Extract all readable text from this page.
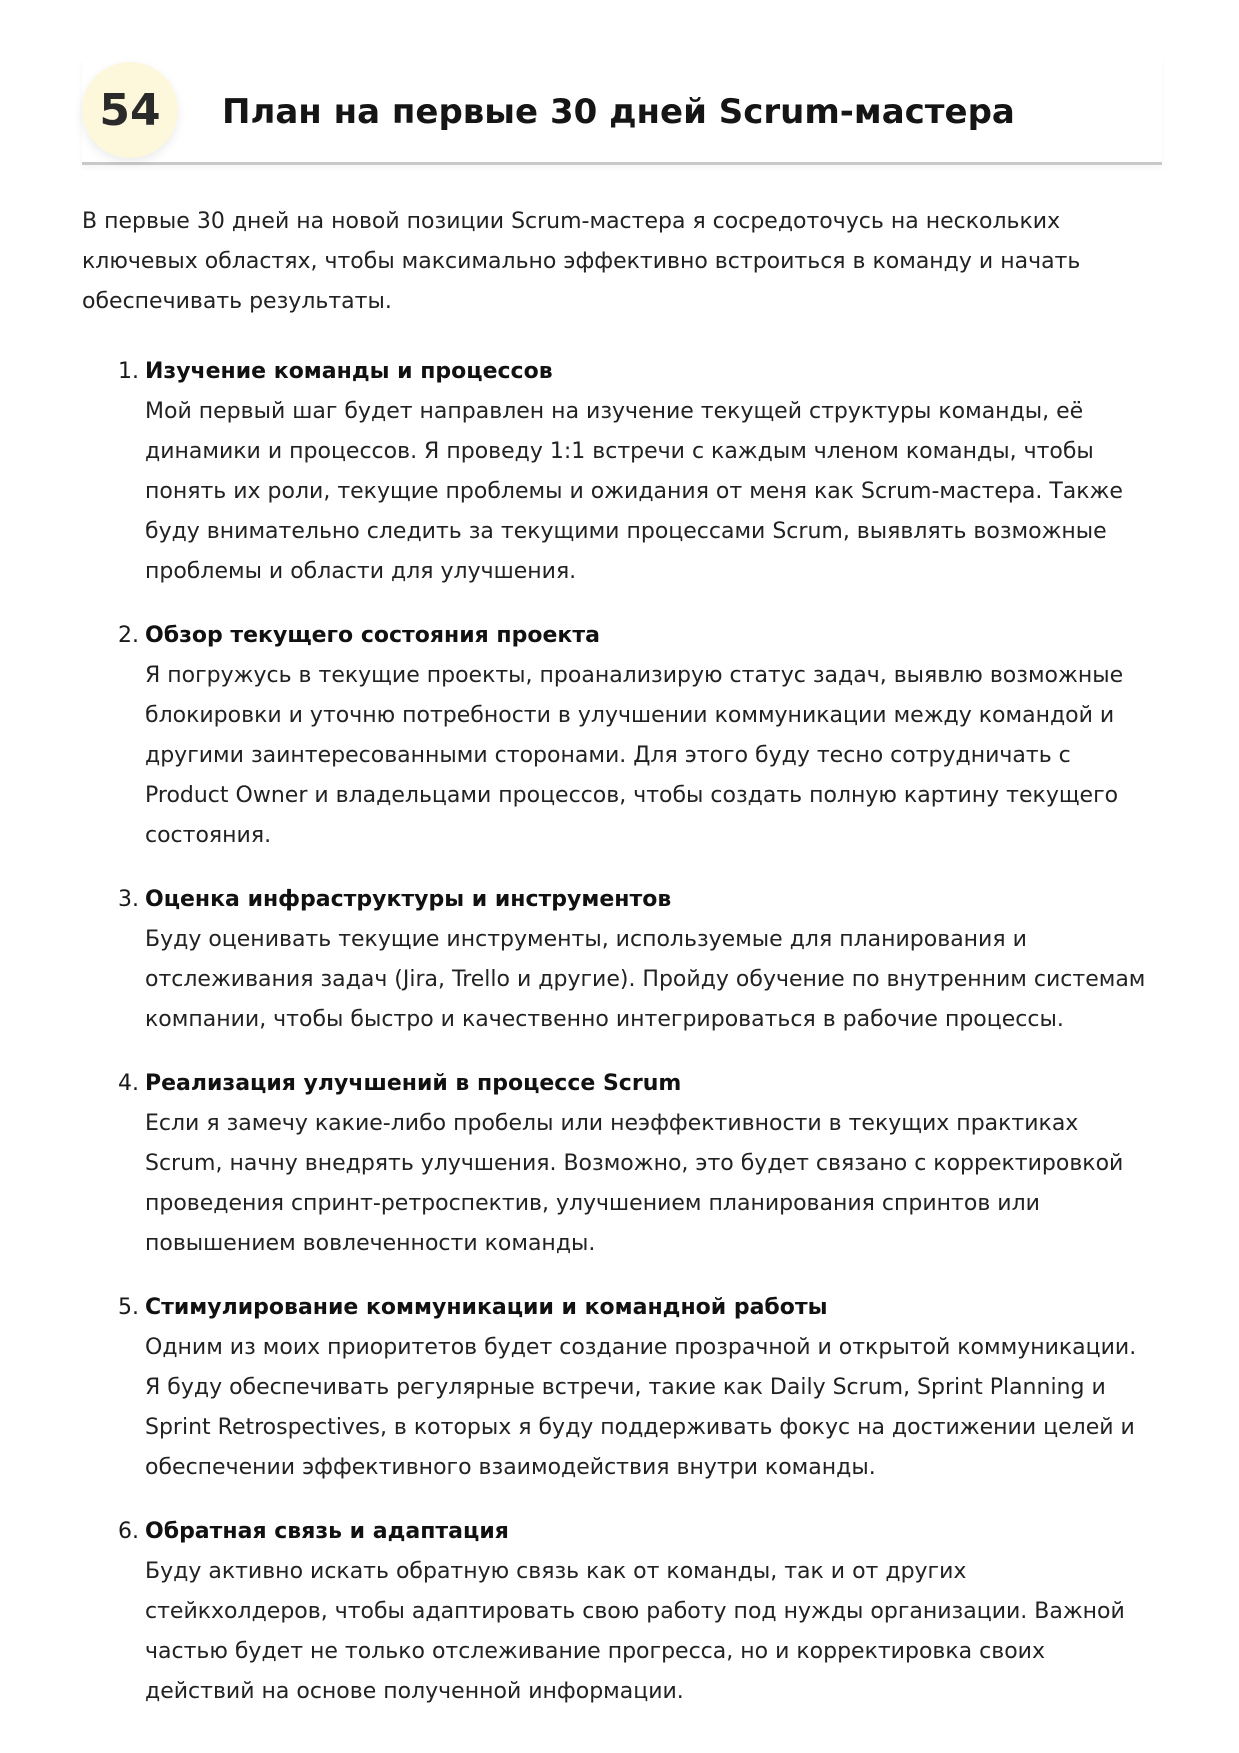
54	План на первые 30 дней Scrum-мастера

В первые 30 дней на новой позиции Scrum-мастера я сосредоточусь на нескольких ключевых областях, чтобы максимально эффективно встроиться в команду и начать обеспечивать результаты.

1. Изучение команды и процессов
Мой первый шаг будет направлен на изучение текущей структуры команды, её динамики и процессов. Я проведу 1:1 встречи с каждым членом команды, чтобы понять их роли, текущие проблемы и ожидания от меня как Scrum-мастера. Также буду внимательно следить за текущими процессами Scrum, выявлять возможные проблемы и области для улучшения.
2. Обзор текущего состояния проекта
Я погружусь в текущие проекты, проанализирую статус задач, выявлю возможные блокировки и уточню потребности в улучшении коммуникации между командой и другими заинтересованными сторонами. Для этого буду тесно сотрудничать с Product Owner и владельцами процессов, чтобы создать полную картину текущего состояния.
3. Оценка инфраструктуры и инструментов
Буду оценивать текущие инструменты, используемые для планирования и отслеживания задач (Jira, Trello и другие). Пройду обучение по внутренним системам компании, чтобы быстро и качественно интегрироваться в рабочие процессы.
4. Реализация улучшений в процессе Scrum
Если я замечу какие-либо пробелы или неэффективности в текущих практиках Scrum, начну внедрять улучшения. Возможно, это будет связано с корректировкой проведения спринт-ретроспектив, улучшением планирования спринтов или повышением вовлеченности команды.
5. Стимулирование коммуникации и командной работы
Одним из моих приоритетов будет создание прозрачной и открытой коммуникации. Я буду обеспечивать регулярные встречи, такие как Daily Scrum, Sprint Planning и Sprint Retrospectives, в которых я буду поддерживать фокус на достижении целей и обеспечении эффективного взаимодействия внутри команды.
6. Обратная связь и адаптация
Буду активно искать обратную связь как от команды, так и от других стейкхолдеров, чтобы адаптировать свою работу под нужды организации. Важной частью будет не только отслеживание прогресса, но и корректировка своих действий на основе полученной информации.
